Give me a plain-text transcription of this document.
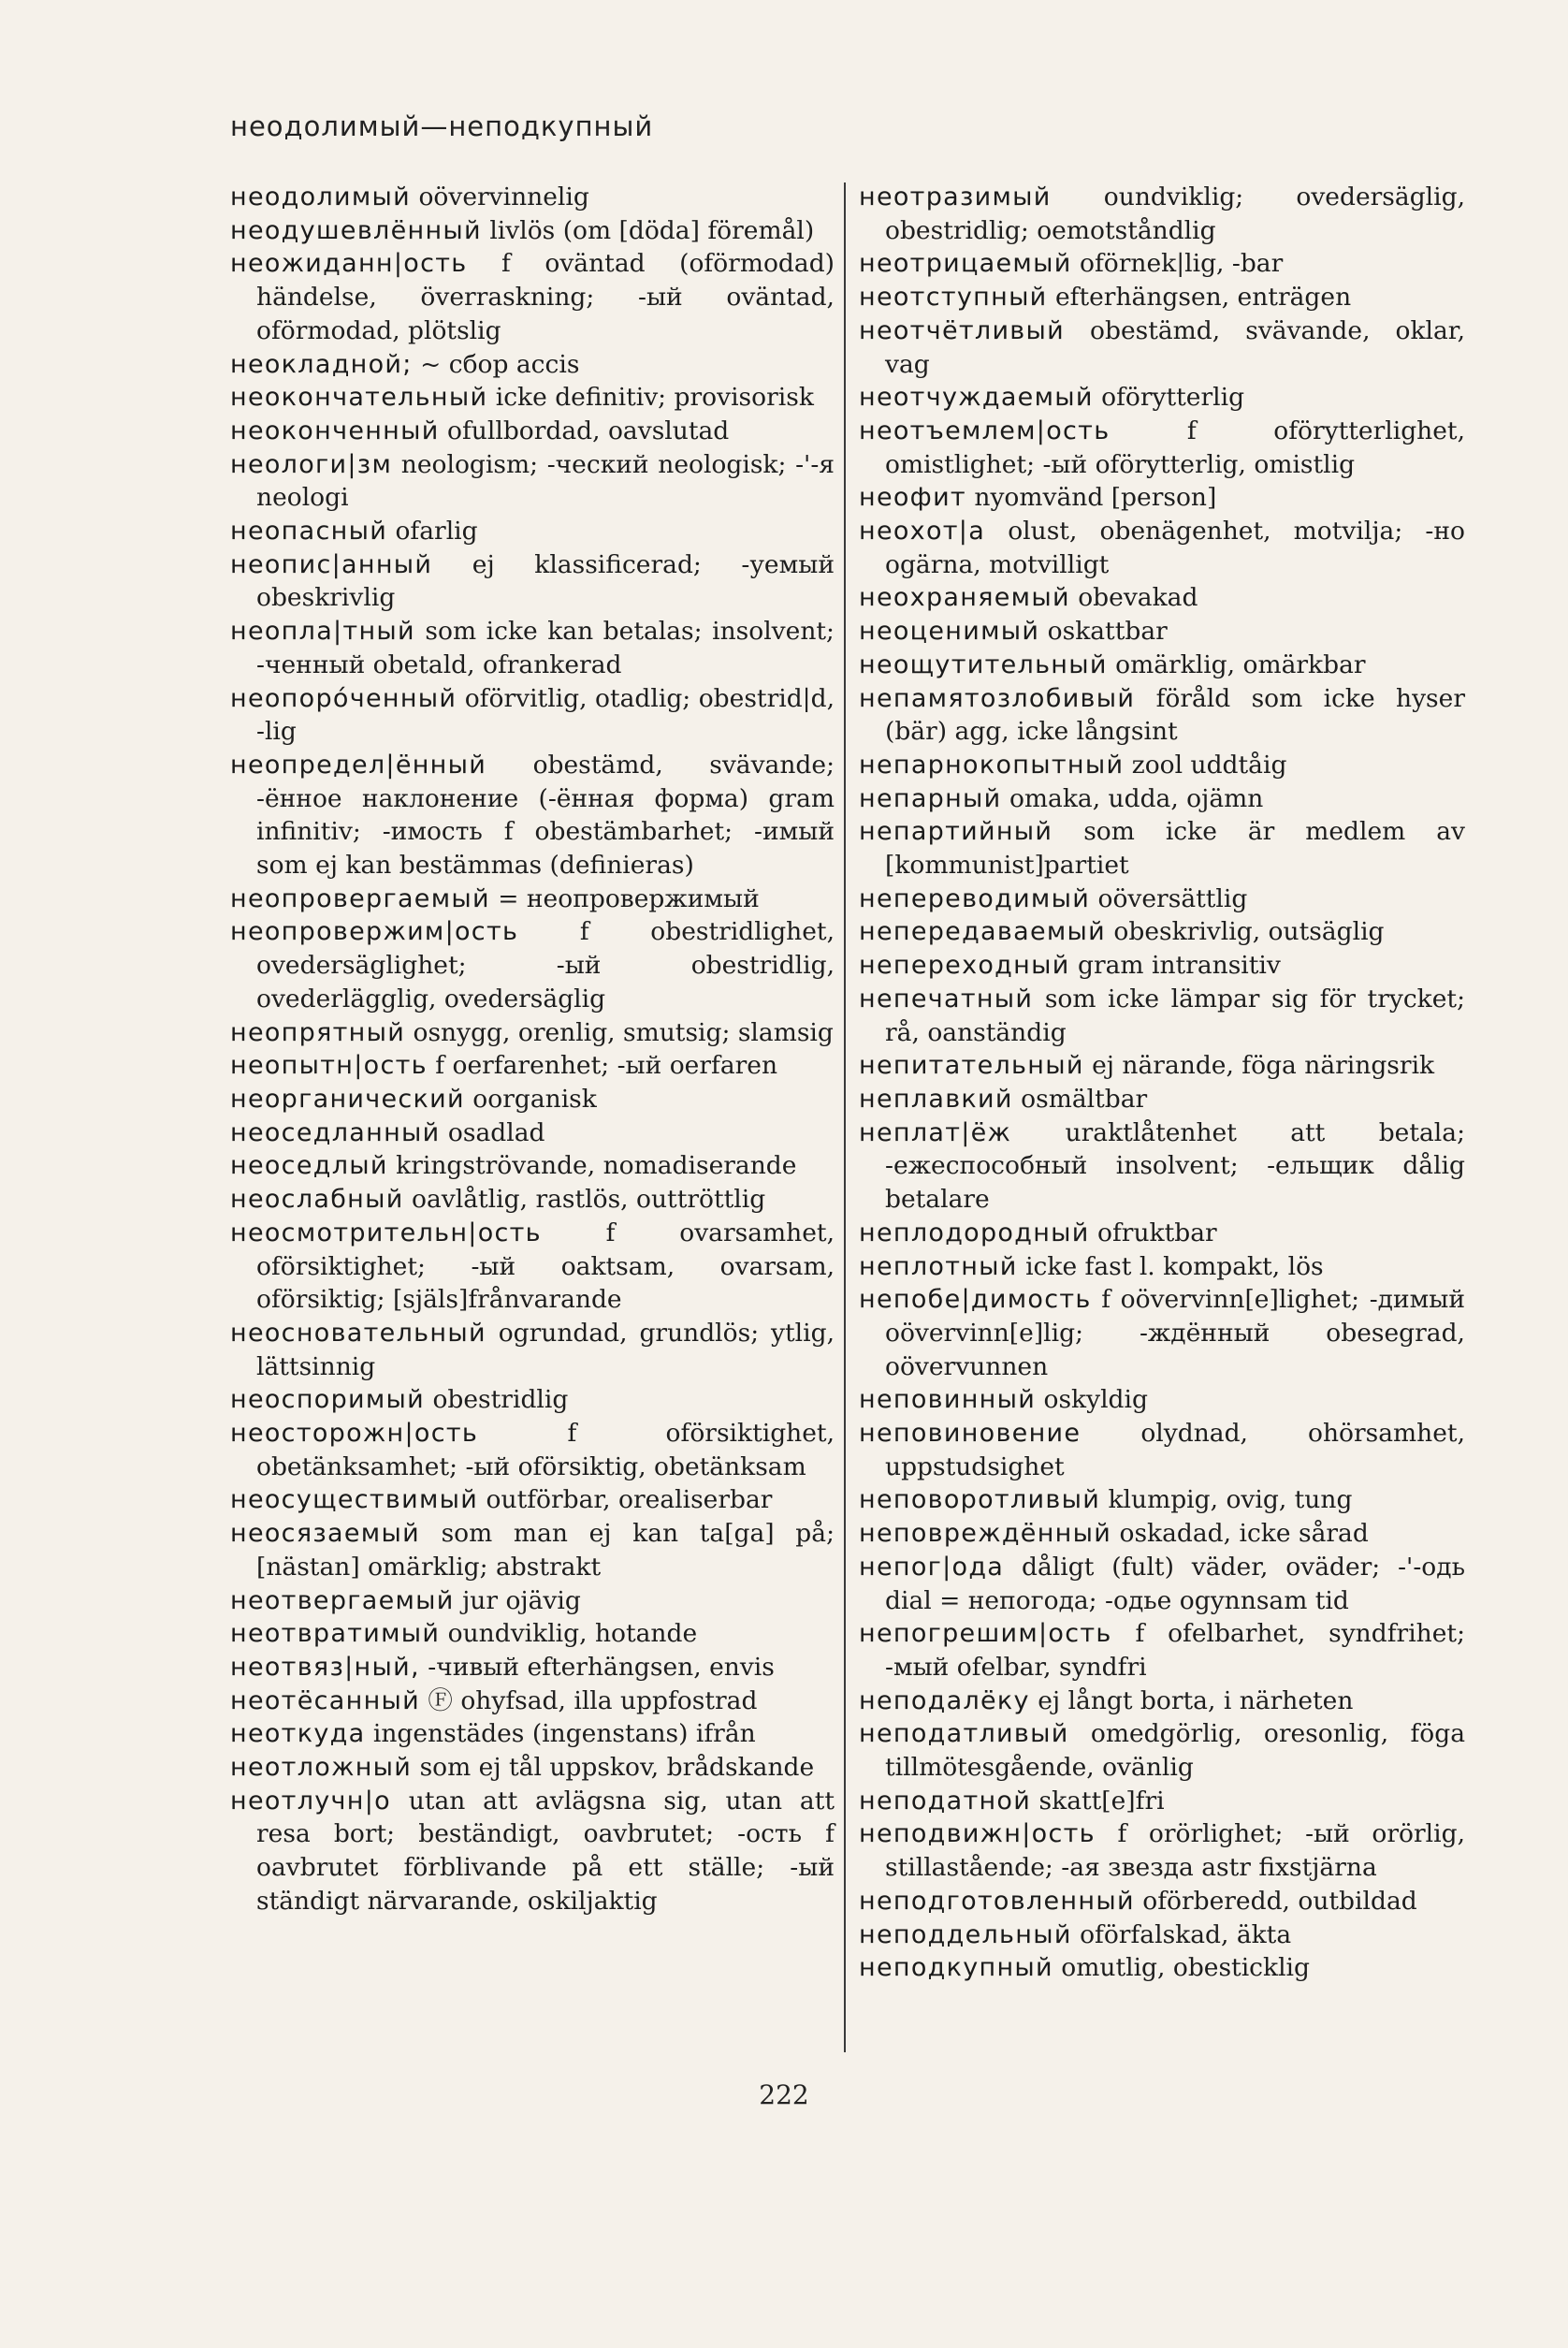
неодолимый—неподкупный

неодолимый oövervinnelig

неодушевлённый livlös (om [döda] föremål)

неожиданн|ость f oväntad (oförmodad) händelse, överraskning; -ый oväntad, oförmodad, plötslig

неокладной; ~ сбор accis

неокончательный icke definitiv; provisorisk

неоконченный ofullbordad, oavslutad

неологи|зм neologism; -ческий neologisk; -'-я neologi

неопасный ofarlig

неопис|анный ej klassificerad; -уемый obeskrivlig

неопла|тный som icke kan betalas; insolvent; -ченный obetald, ofrankerad

неопорόченный oförvitlig, otadlig; obestrid|d, -lig

неопредел|ённый obestämd, svävande; -ённое наклонение (-ённая форма) gram infinitiv; -имость f obestämbarhet; -имый som ej kan bestämmas (definieras)

неопровергаемый = неопровержимый

неопровержим|ость f obestridlighet, ovedersäglighet; -ый obestridlig, ovederlägglig, ovedersäglig

неопрятный osnygg, orenlig, smutsig; slamsig

неопытн|ость f oerfarenhet; -ый oerfaren

неорганический oorganisk

неоседланный osadlad

неоседлый kringströvande, nomadiserande

неослабный oavlåtlig, rastlös, outtröttlig

неосмотрительн|ость f ovarsamhet, oförsiktighet; -ый oaktsam, ovarsam, oförsiktig; [själs]frånvarande

неосновательный ogrundad, grundlös; ytlig, lättsinnig

неоспоримый obestridlig

неосторожн|ость f oförsiktighet, obetänksamhet; -ый oförsiktig, obetänksam

неосуществимый outförbar, orealiserbar

неосязаемый som man ej kan ta[ga] på; [nästan] omärklig; abstrakt

неотвергаемый jur ojävig

неотвратимый oundviklig, hotande

неотвяз|ный, -чивый efterhängsen, envis

неотёсанный Ⓕ ohyfsad, illa uppfostrad

неоткуда ingenstädes (ingenstans) ifrån

неотложный som ej tål uppskov, brådskande

неотлучн|о utan att avlägsna sig, utan att resa bort; beständigt, oavbrutet; -ость f oavbrutet förblivande på ett ställe; -ый ständigt närvarande, oskiljaktig

неотразимый oundviklig; ovedersäglig, obestridlig; oemotståndlig

неотрицаемый oförnek|lig, -bar

неотступный efterhängsen, enträgen

неотчётливый obestämd, svävande, oklar, vag

неотчуждаемый oförytterlig

неотъемлем|ость f oförytterlighet, omistlighet; -ый oförytterlig, omistlig

неофит nyomvänd [person]

неохот|а olust, obenägenhet, motvilja; -но ogärna, motvilligt

неохраняемый obevakad

неоценимый oskattbar

неощутительный omärklig, omärkbar

непамятозлобивый föråld som icke hyser (bär) agg, icke långsint

непарнокопытный zool uddtåig

непарный omaka, udda, ojämn

непартийный som icke är medlem av [kommunist]partiet

непереводимый oöversättlig

непередаваемый obeskrivlig, outsäglig

непереходный gram intransitiv

непечатный som icke lämpar sig för trycket; rå, oanständig

непитательный ej närande, föga näringsrik

неплавкий osmältbar

неплат|ёж uraktlåtenhet att betala; -ежеспособный insolvent; -ельщик dålig betalare

неплодородный ofruktbar

неплотный icke fast l. kompakt, lös

непобе|димость f oövervinn[e]lighet; -димый oövervinn[e]lig; -ждённый obesegrad, oövervunnen

неповинный oskyldig

неповиновение olydnad, ohörsamhet, uppstudsighet

неповоротливый klumpig, ovig, tung

неповреждённый oskadad, icke sårad

непог|ода dåligt (fult) väder, oväder; -'-одь dial = непогода; -одье ogynnsam tid

непогрешим|ость f ofelbarhet, syndfrihet; -мый ofelbar, syndfri

неподалёку ej långt borta, i närheten

неподатливый omedgörlig, oresonlig, föga tillmötesgående, ovänlig

неподатной skatt[e]fri

неподвижн|ость f orörlighet; -ый orörlig, stillastående; -ая звезда astr fixstjärna

неподготовленный oförberedd, outbildad

неподдельный oförfalskad, äkta

неподкупный omutlig, obesticklig

222
